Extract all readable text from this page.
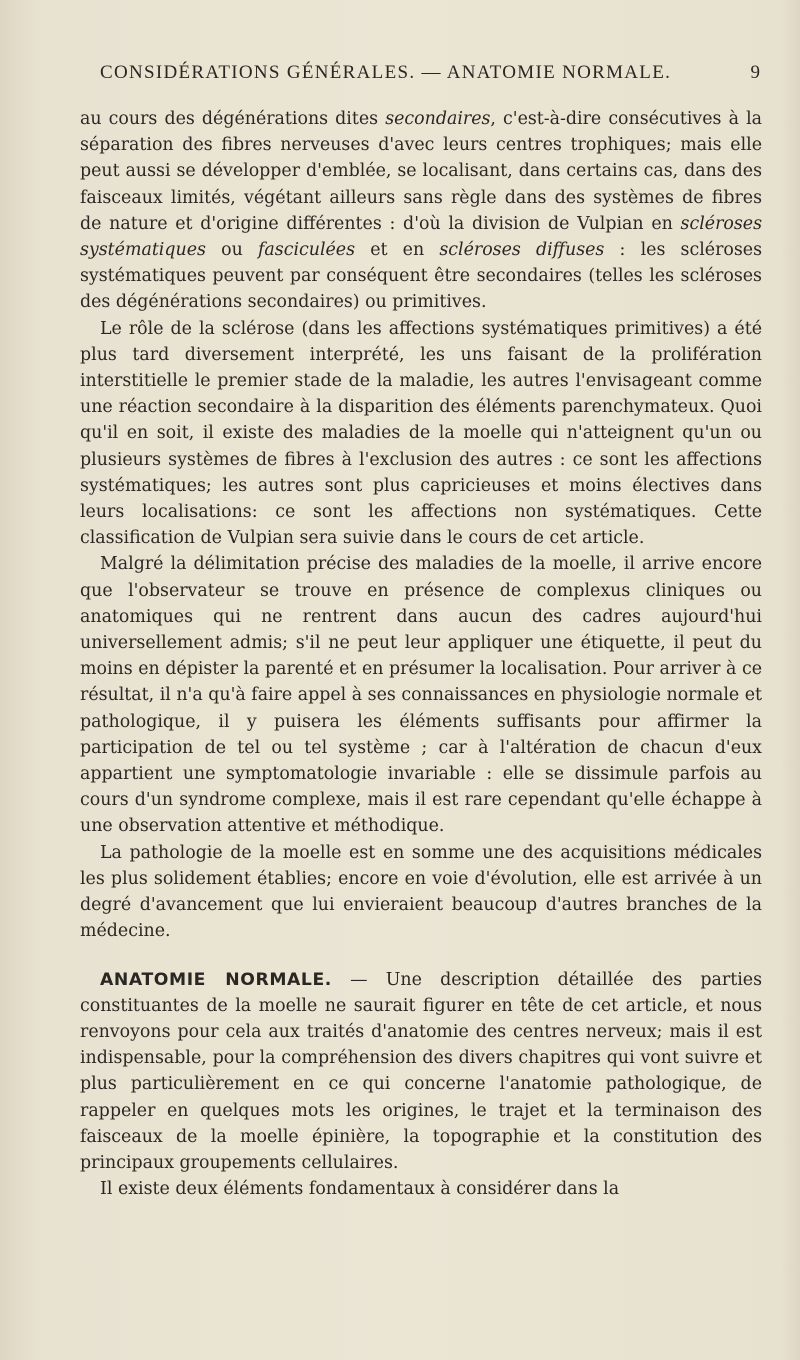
CONSIDÉRATIONS GÉNÉRALES. — ANATOMIE NORMALE.	9

au cours des dégénérations dites secondaires, c'est-à-dire consécutives à la séparation des fibres nerveuses d'avec leurs centres trophiques; mais elle peut aussi se développer d'emblée, se localisant, dans certains cas, dans des faisceaux limités, végétant ailleurs sans règle dans des systèmes de fibres de nature et d'origine différentes : d'où la division de Vulpian en scléroses systématiques ou fasciculées et en scléroses diffuses : les scléroses systématiques peuvent par conséquent être secondaires (telles les scléroses des dégénérations secondaires) ou primitives.

Le rôle de la sclérose (dans les affections systématiques primitives) a été plus tard diversement interprété, les uns faisant de la prolifération interstitielle le premier stade de la maladie, les autres l'envisageant comme une réaction secondaire à la disparition des éléments parenchymateux. Quoi qu'il en soit, il existe des maladies de la moelle qui n'atteignent qu'un ou plusieurs systèmes de fibres à l'exclusion des autres : ce sont les affections systématiques; les autres sont plus capricieuses et moins électives dans leurs localisations: ce sont les affections non systématiques. Cette classification de Vulpian sera suivie dans le cours de cet article.

Malgré la délimitation précise des maladies de la moelle, il arrive encore que l'observateur se trouve en présence de complexus cliniques ou anatomiques qui ne rentrent dans aucun des cadres aujourd'hui universellement admis; s'il ne peut leur appliquer une étiquette, il peut du moins en dépister la parenté et en présumer la localisation. Pour arriver à ce résultat, il n'a qu'à faire appel à ses connaissances en physiologie normale et pathologique, il y puisera les éléments suffisants pour affirmer la participation de tel ou tel système ; car à l'altération de chacun d'eux appartient une symptomatologie invariable : elle se dissimule parfois au cours d'un syndrome complexe, mais il est rare cependant qu'elle échappe à une observation attentive et méthodique.

La pathologie de la moelle est en somme une des acquisitions médicales les plus solidement établies; encore en voie d'évolution, elle est arrivée à un degré d'avancement que lui envieraient beaucoup d'autres branches de la médecine.

ANATOMIE NORMALE. — Une description détaillée des parties constituantes de la moelle ne saurait figurer en tête de cet article, et nous renvoyons pour cela aux traités d'anatomie des centres nerveux; mais il est indispensable, pour la compréhension des divers chapitres qui vont suivre et plus particulièrement en ce qui concerne l'anatomie pathologique, de rappeler en quelques mots les origines, le trajet et la terminaison des faisceaux de la moelle épinière, la topographie et la constitution des principaux groupements cellulaires.

Il existe deux éléments fondamentaux à considérer dans la
